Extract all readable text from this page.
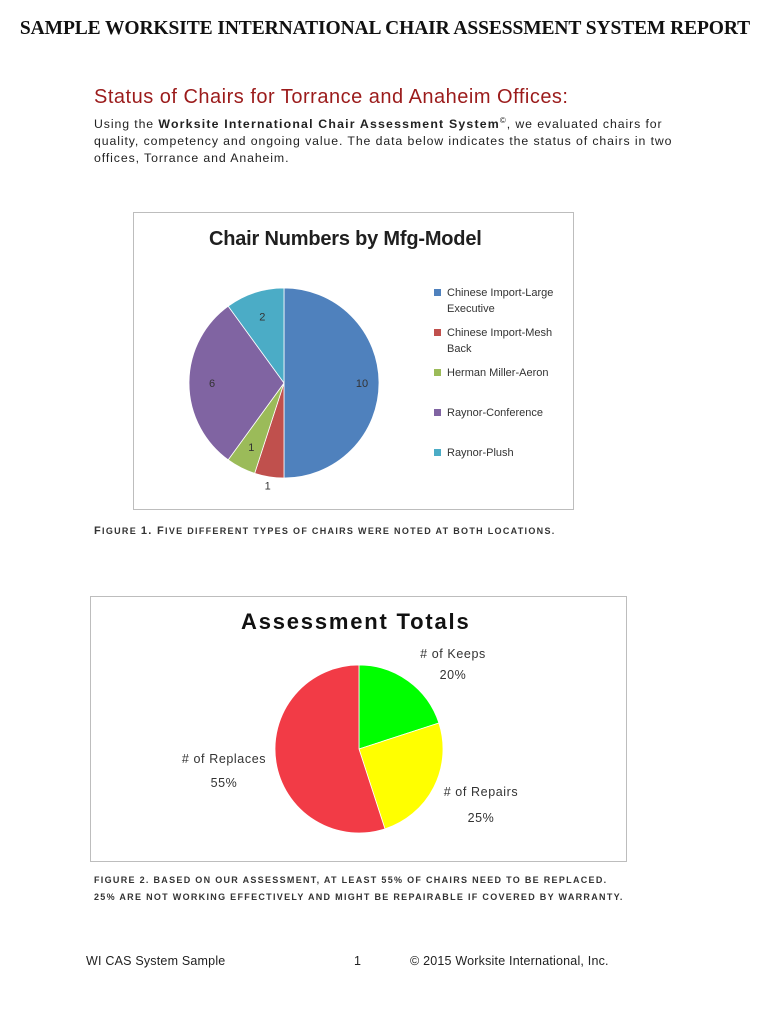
SAMPLE WORKSITE INTERNATIONAL CHAIR ASSESSMENT SYSTEM REPORT
Status of Chairs for Torrance and Anaheim Offices:
Using the Worksite International Chair Assessment System©, we evaluated chairs for quality, competency and ongoing value. The data below indicates the status of chairs in two offices, Torrance and Anaheim.
Chair Numbers by Mfg-Model
10
1
1
6
2
Chinese Import-Large Executive
Chinese Import-Mesh Back
Herman Miller-Aeron
Raynor-Conference
Raynor-Plush
FIGURE 1. FIVE DIFFERENT TYPES OF CHAIRS WERE NOTED AT BOTH LOCATIONS.
Assessment Totals
# of Keeps
20%
# of Repairs
25%
# of Replaces
55%
FIGURE 2. BASED ON OUR ASSESSMENT, AT LEAST 55% OF CHAIRS NEED TO BE REPLACED.
25% ARE NOT WORKING EFFECTIVELY AND MIGHT BE REPAIRABLE IF COVERED BY WARRANTY.
WI CAS System Sample	1	© 2015 Worksite International, Inc.
